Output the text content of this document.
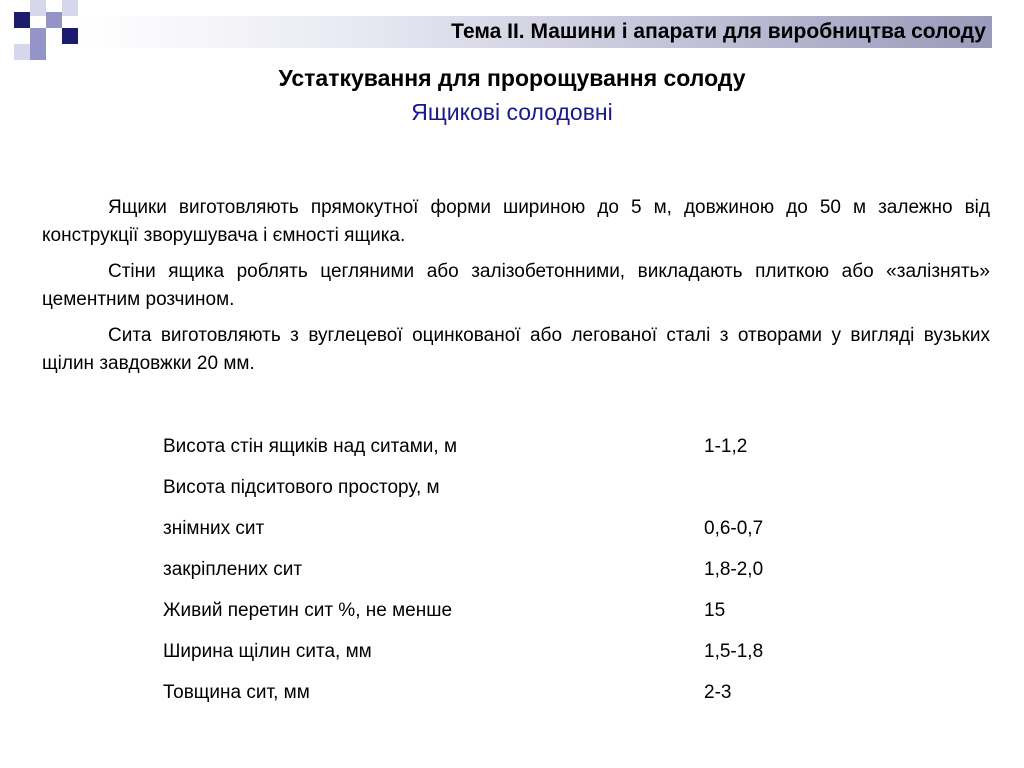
Тема ІІ. Машини і апарати для виробництва солоду
Устаткування для пророщування солоду
Ящикові солодовні

Ящики виготовляють прямокутної форми шириною до 5 м, довжиною до 50 м залежно від конструкції зворушувача і ємності ящика.

Стіни ящика роблять цегляними або залізобетонними, викладають плиткою або «залізнять» цементним розчином.

Сита виготовляють з вуглецевої оцинкованої або легованої сталі з отворами у вигляді вузьких щілин завдовжки 20 мм.

Висота стін ящиків над ситами, м	1-1,2
Висота підситового простору, м
знімних сит	0,6-0,7
закріплених сит	1,8-2,0
Живий перетин сит %, не менше	15
Ширина щілин сита, мм	1,5-1,8
Товщина сит, мм	2-3
